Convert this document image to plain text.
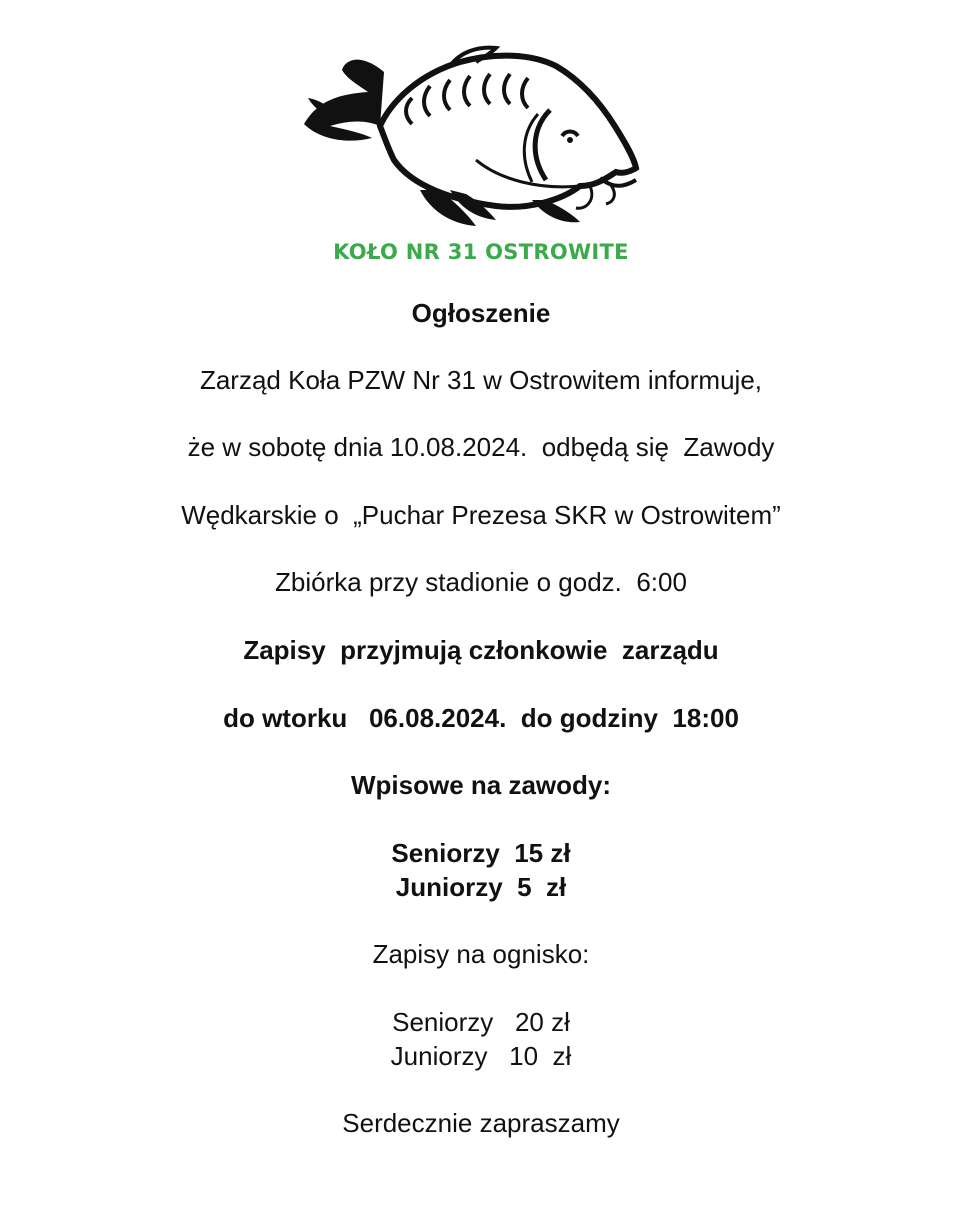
KOŁO NR 31 OSTROWITE
Ogłoszenie
Zarząd Koła PZW Nr 31 w Ostrowitem informuje,
że w sobotę dnia 10.08.2024.  odbędą się  Zawody
Wędkarskie o  „Puchar Prezesa SKR w Ostrowitem”
Zbiórka przy stadionie o godz.  6:00
Zapisy  przyjmują członkowie  zarządu
do wtorku   06.08.2024.  do godziny  18:00
Wpisowe na zawody:
Seniorzy  15 zł
Juniorzy  5  zł
Zapisy na ognisko:
Seniorzy   20 zł
Juniorzy   10  zł
Serdecznie zapraszamy
